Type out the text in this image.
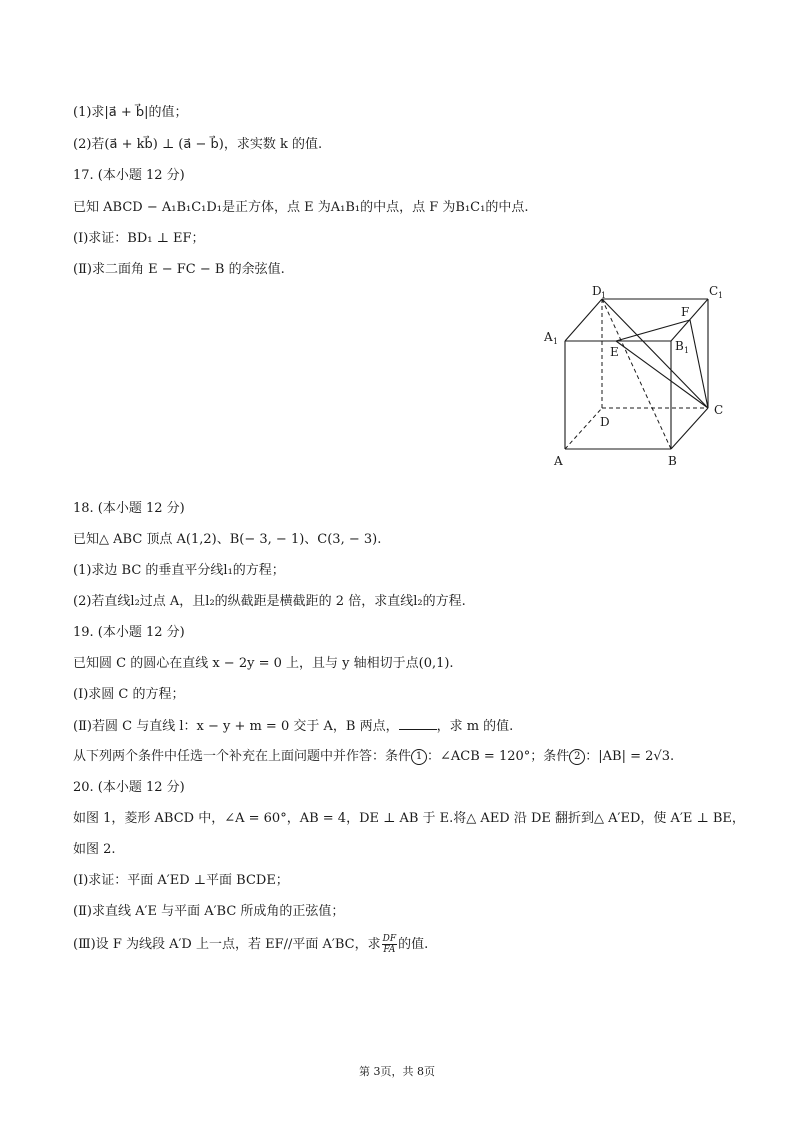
(1)求|a⃗ + b⃗|的值；
(2)若(a⃗ + kb⃗) ⊥ (a⃗ − b⃗)，求实数 k 的值.
17. (本小题 12 分)
已知 ABCD − A₁B₁C₁D₁是正方体，点 E 为A₁B₁的中点，点 F 为B₁C₁的中点.
(Ⅰ)求证：BD₁ ⊥ EF；
(Ⅱ)求二面角 E − FC − B 的余弦值.
D 1	C 1
A 1	B 1
E
F
C
D
A	B
18. (本小题 12 分)
已知△ ABC 顶点 A(1,2)、B(− 3, − 1)、C(3, − 3).
(1)求边 BC 的垂直平分线l₁的方程；
(2)若直线l₂过点 A，且l₂的纵截距是横截距的 2 倍，求直线l₂的方程.
19. (本小题 12 分)
已知圆 C 的圆心在直线 x − 2y = 0 上，且与 y 轴相切于点(0,1).
(Ⅰ)求圆 C 的方程；
(Ⅱ)若圆 C 与直线 l：x − y + m = 0 交于 A，B 两点，	，求 m 的值.
从下列两个条件中任选一个补充在上面问题中并作答：条件 1 ：∠ACB = 120°；条件 2 ：|AB| = 2√3.
20. (本小题 12 分)
如图 1，菱形 ABCD 中，∠A = 60°，AB = 4，DE ⊥ AB 于 E.将△ AED 沿 DE 翻折到△ A′ED，使 A′E ⊥ BE，
如图 2.
(Ⅰ)求证：平面 A′ED ⊥平面 BCDE；
(Ⅱ)求直线 A′E 与平面 A′BC 所成角的正弦值；
(Ⅲ)设 F 为线段 A′D 上一点，若 EF//平面 A′BC，求 $\frac{DF}{FA}$ 的值.
第 3页，共 8页
